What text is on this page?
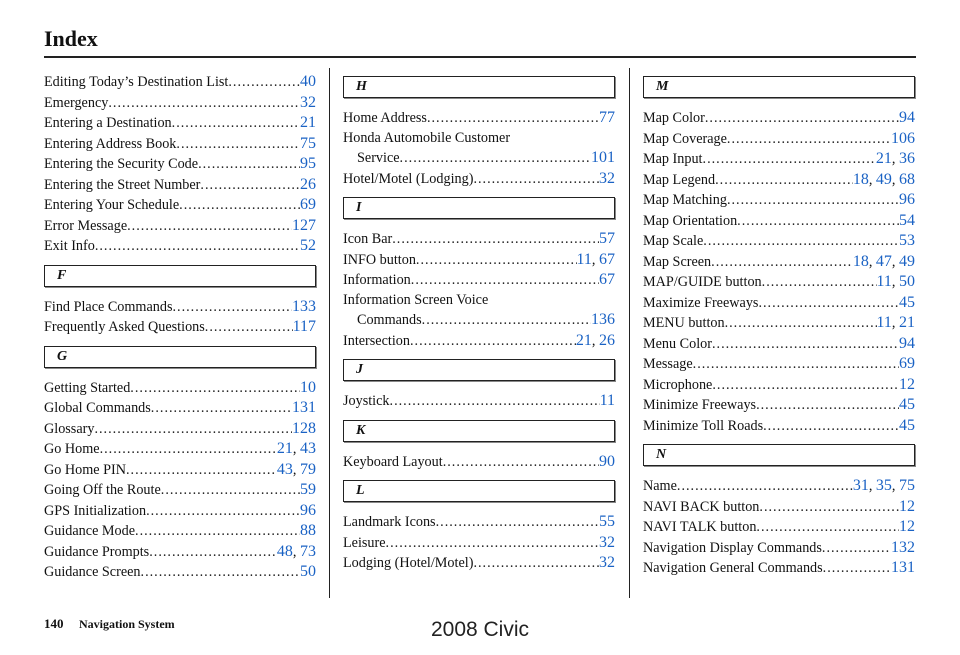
Index
Editing Today’s Destination List .....	40
Emergency .....	32
Entering a Destination .....	21
Entering Address Book .....	75
Entering the Security Code .....	95
Entering the Street Number .....	26
Entering Your Schedule .....	69
Error Message .....	127
Exit Info .....	52
F
Find Place Commands .....	133
Frequently Asked Questions .....	117
G
Getting Started .....	10
Global Commands .....	131
Glossary .....	128
Go Home .....	21, 43
Go Home PIN .....	43, 79
Going Off the Route .....	59
GPS Initialization .....	96
Guidance Mode .....	88
Guidance Prompts .....	48, 73
Guidance Screen .....	50
H
Home Address .....	77
Honda Automobile Customer
Service .....	101
Hotel/Motel (Lodging) .....	32
I
Icon Bar .....	57
INFO button .....	11, 67
Information .....	67
Information Screen Voice
Commands .....	136
Intersection .....	21, 26
J
Joystick .....	11
K
Keyboard Layout .....	90
L
Landmark Icons .....	55
Leisure .....	32
Lodging (Hotel/Motel) .....	32
M
Map Color .....	94
Map Coverage .....	106
Map Input .....	21, 36
Map Legend .....	18, 49, 68
Map Matching .....	96
Map Orientation .....	54
Map Scale .....	53
Map Screen .....	18, 47, 49
MAP/GUIDE button .....	11, 50
Maximize Freeways .....	45
MENU button .....	11, 21
Menu Color .....	94
Message .....	69
Microphone .....	12
Minimize Freeways .....	45
Minimize Toll Roads .....	45
N
Name .....	31, 35, 75
NAVI BACK button .....	12
NAVI TALK button .....	12
Navigation Display Commands .....	132
Navigation General Commands .....	131
140 Navigation System	2008 Civic
